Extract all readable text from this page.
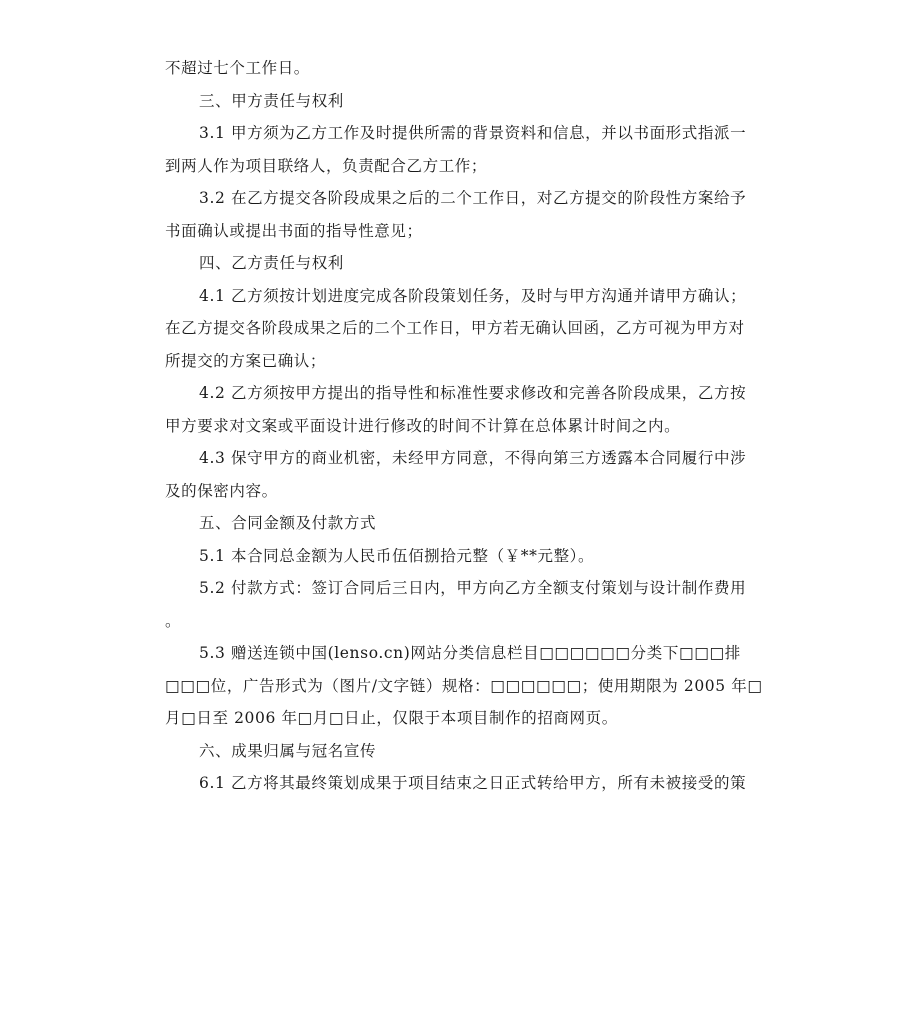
不超过七个工作日。
三、甲方责任与权利
3.1 甲方须为乙方工作及时提供所需的背景资料和信息，并以书面形式指派一
到两人作为项目联络人，负责配合乙方工作；
3.2 在乙方提交各阶段成果之后的二个工作日，对乙方提交的阶段性方案给予
书面确认或提出书面的指导性意见；
四、乙方责任与权利
4.1 乙方须按计划进度完成各阶段策划任务，及时与甲方沟通并请甲方确认；
在乙方提交各阶段成果之后的二个工作日，甲方若无确认回函，乙方可视为甲方对
所提交的方案已确认；
4.2 乙方须按甲方提出的指导性和标准性要求修改和完善各阶段成果，乙方按
甲方要求对文案或平面设计进行修改的时间不计算在总体累计时间之内。
4.3 保守甲方的商业机密，未经甲方同意，不得向第三方透露本合同履行中涉
及的保密内容。
五、合同金额及付款方式
5.1 本合同总金额为人民币伍佰捌拾元整（￥**元整）。
5.2 付款方式：签订合同后三日内，甲方向乙方全额支付策划与设计制作费用
。
5.3 赠送连锁中国(lenso.cn)网站分类信息栏目□□□□□□分类下□□□排
□□□位，广告形式为（图片/文字链）规格：□□□□□□；使用期限为 2005 年□
月□日至 2006 年□月□日止，仅限于本项目制作的招商网页。
六、成果归属与冠名宣传
6.1 乙方将其最终策划成果于项目结束之日正式转给甲方，所有未被接受的策
